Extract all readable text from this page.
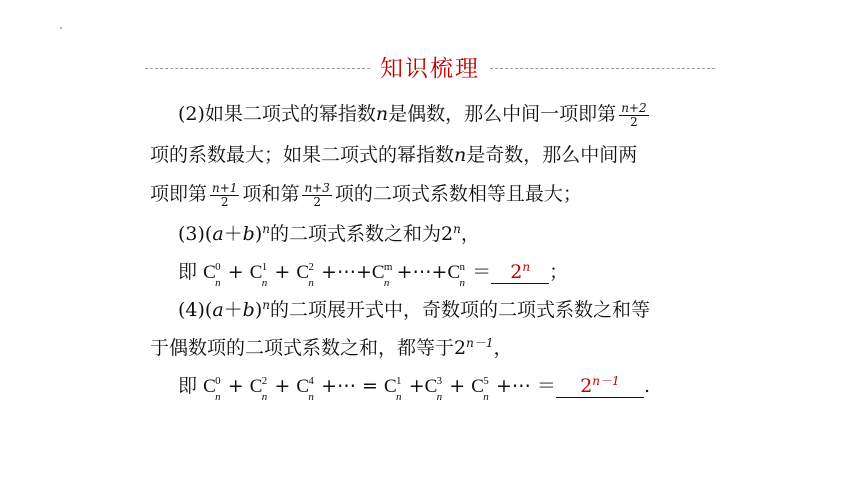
知识梳理
(2)如果二项式的幂指数n是偶数，那么中间一项即第 $\frac{n+2}{2}$
项的系数最大；如果二项式的幂指数n是奇数，那么中间两
项即第 $\frac{n+1}{2}$ 项和第 $\frac{n+3}{2}$ 项的二项式系数相等且最大；
$(3)(a+b)^n$的二项式系数之和为2$^n$，
即 C 0
n + C 1
n + C 2
n +⋯+C m
n +⋯+C n
$n = 2^n$ ；
$(4)(a+b)^n$的二项展开式中，奇数项的二项式系数之和等
于偶数项的二项式系数之和，都等于$2^{n-1}$，
即 C 0
n + C 2
n + C 4
n +⋯ = C 1
n +C 3
n + C 5
n +⋯ ＝ $2^{n-1}$ .
